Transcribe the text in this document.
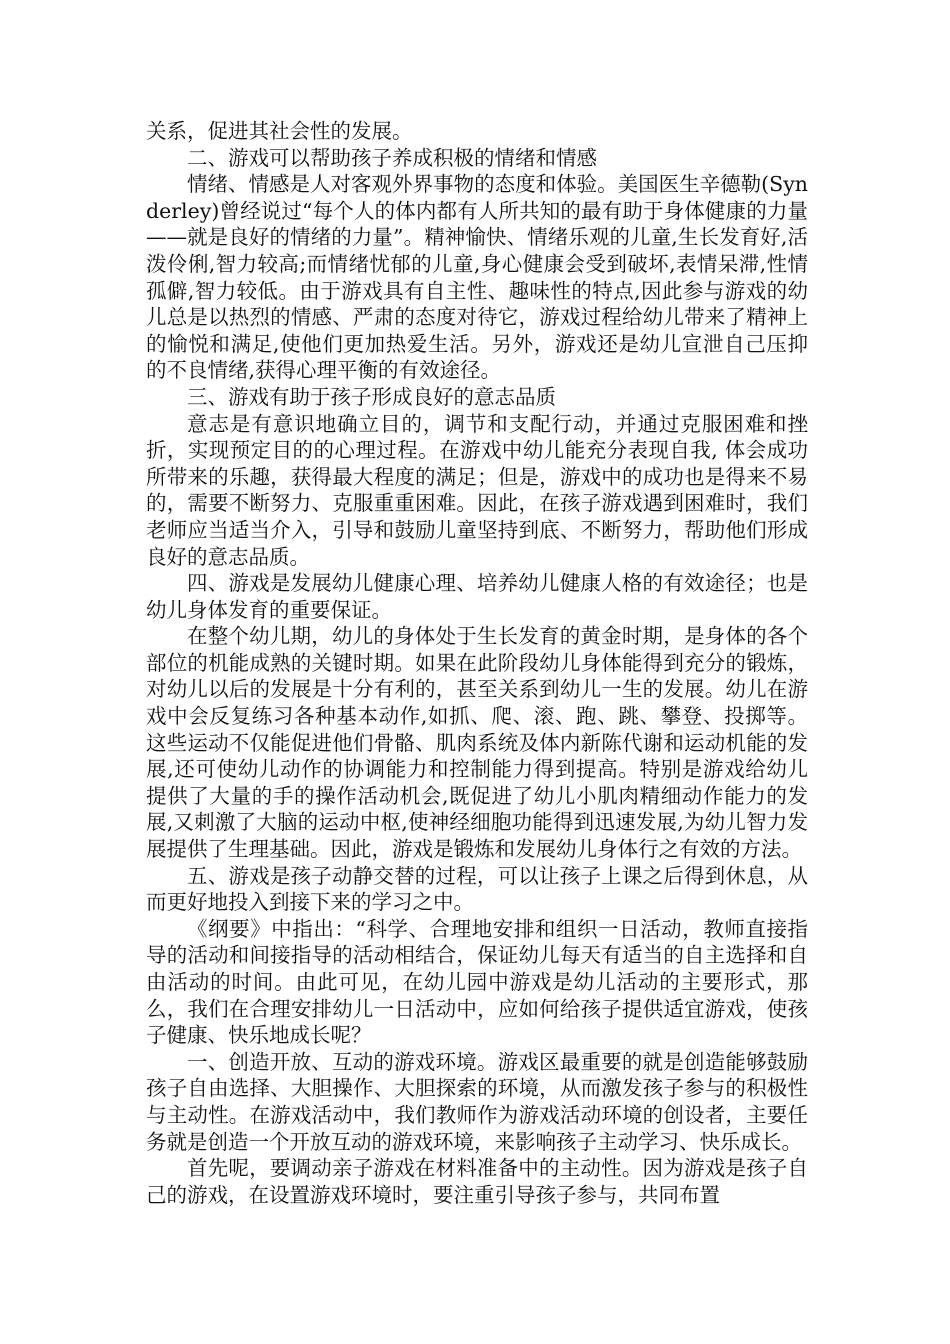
关系，促进其社会性的发展。

二、游戏可以帮助孩子养成积极的情绪和情感

情绪、情感是人对客观外界事物的态度和体验。美国医生辛德勒(Synderley)曾经说过“每个人的体内都有人所共知的最有助于身体健康的力量——就是良好的情绪的力量”。精神愉快、情绪乐观的儿童,生长发育好,活泼伶俐,智力较高;而情绪忧郁的儿童,身心健康会受到破坏,表情呆滞,性情孤僻,智力较低。由于游戏具有自主性、趣味性的特点,因此参与游戏的幼儿总是以热烈的情感、严肃的态度对待它，游戏过程给幼儿带来了精神上的愉悦和满足,使他们更加热爱生活。另外，游戏还是幼儿宣泄自己压抑的不良情绪,获得心理平衡的有效途径。

三、游戏有助于孩子形成良好的意志品质

意志是有意识地确立目的，调节和支配行动，并通过克服困难和挫折，实现预定目的的心理过程。在游戏中幼儿能充分表现自我, 体会成功所带来的乐趣，获得最大程度的满足；但是，游戏中的成功也是得来不易的，需要不断努力、克服重重困难。因此，在孩子游戏遇到困难时，我们老师应当适当介入，引导和鼓励儿童坚持到底、不断努力，帮助他们形成良好的意志品质。

四、游戏是发展幼儿健康心理、培养幼儿健康人格的有效途径；也是幼儿身体发育的重要保证。

在整个幼儿期，幼儿的身体处于生长发育的黄金时期，是身体的各个部位的机能成熟的关键时期。如果在此阶段幼儿身体能得到充分的锻炼，对幼儿以后的发展是十分有利的，甚至关系到幼儿一生的发展。幼儿在游戏中会反复练习各种基本动作,如抓、爬、滚、跑、跳、攀登、投掷等。这些运动不仅能促进他们骨骼、肌肉系统及体内新陈代谢和运动机能的发展,还可使幼儿动作的协调能力和控制能力得到提高。特别是游戏给幼儿提供了大量的手的操作活动机会,既促进了幼儿小肌肉精细动作能力的发展,又刺激了大脑的运动中枢,使神经细胞功能得到迅速发展,为幼儿智力发展提供了生理基础。因此，游戏是锻炼和发展幼儿身体行之有效的方法。

五、游戏是孩子动静交替的过程，可以让孩子上课之后得到休息，从而更好地投入到接下来的学习之中。

《纲要》中指出：“科学、合理地安排和组织一日活动，教师直接指导的活动和间接指导的活动相结合，保证幼儿每天有适当的自主选择和自由活动的时间。由此可见，在幼儿园中游戏是幼儿活动的主要形式，那么，我们在合理安排幼儿一日活动中，应如何给孩子提供适宜游戏，使孩子健康、快乐地成长呢？

一、创造开放、互动的游戏环境。游戏区最重要的就是创造能够鼓励孩子自由选择、大胆操作、大胆探索的环境，从而激发孩子参与的积极性与主动性。在游戏活动中，我们教师作为游戏活动环境的创设者，主要任务就是创造一个开放互动的游戏环境，来影响孩子主动学习、快乐成长。

首先呢，要调动亲子游戏在材料准备中的主动性。因为游戏是孩子自己的游戏，在设置游戏环境时，要注重引导孩子参与，共同布置
